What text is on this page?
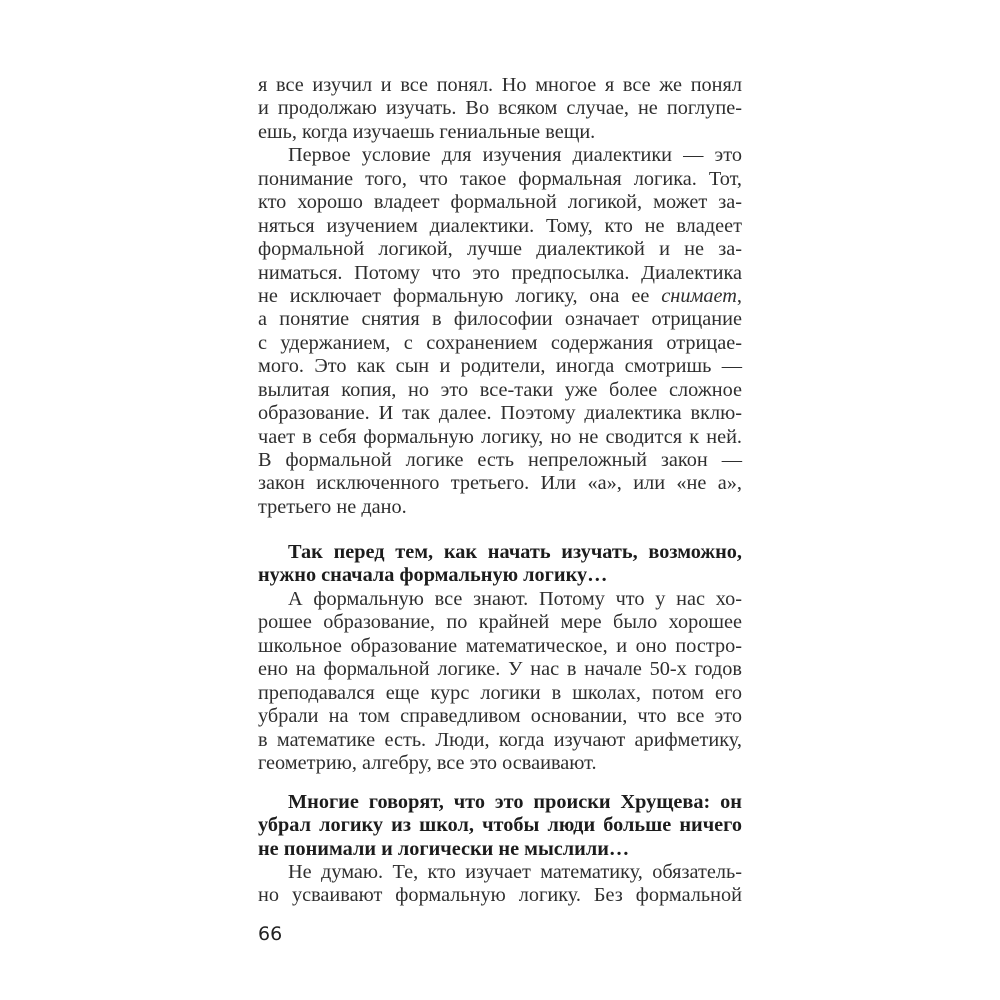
я все изучил и все понял. Но многое я все же понял
и продолжаю изучать. Во всяком случае, не поглупе-
ешь, когда изучаешь гениальные вещи.
Первое условие для изучения диалектики — это
понимание того, что такое формальная логика. Тот,
кто хорошо владеет формальной логикой, может за-
няться изучением диалектики. Тому, кто не владеет
формальной логикой, лучше диалектикой и не за-
ниматься. Потому что это предпосылка. Диалектика
не исключает формальную логику, она ее снимает,
а понятие снятия в философии означает отрицание
с удержанием, с сохранением содержания отрицае-
мого. Это как сын и родители, иногда смотришь —
вылитая копия, но это все-таки уже более сложное
образование. И так далее. Поэтому диалектика вклю-
чает в себя формальную логику, но не сводится к ней.
В формальной логике есть непреложный закон —
закон исключенного третьего. Или «а», или «не а»,
третьего не дано.
Так перед тем, как начать изучать, возможно,
нужно сначала формальную логику…
А формальную все знают. Потому что у нас хо-
рошее образование, по крайней мере было хорошее
школьное образование математическое, и оно постро-
ено на формальной логике. У нас в начале 50-х годов
преподавался еще курс логики в школах, потом его
убрали на том справедливом основании, что все это
в математике есть. Люди, когда изучают арифметику,
геометрию, алгебру, все это осваивают.
Многие говорят, что это происки Хрущева: он
убрал логику из школ, чтобы люди больше ничего
не понимали и логически не мыслили…
Не думаю. Те, кто изучает математику, обязатель-
но усваивают формальную логику. Без формальной
66
